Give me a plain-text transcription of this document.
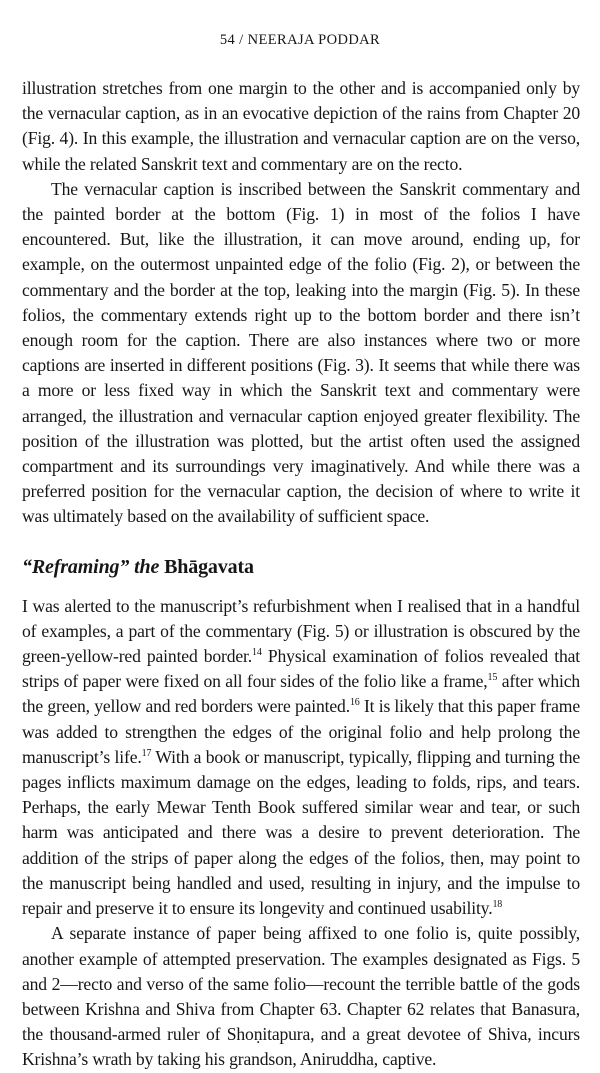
54 / NEERAJA PODDAR

illustration stretches from one margin to the other and is accompanied only by the vernacular caption, as in an evocative depiction of the rains from Chapter 20 (Fig. 4). In this example, the illustration and vernacular caption are on the verso, while the related Sanskrit text and commentary are on the recto.

The vernacular caption is inscribed between the Sanskrit commentary and the painted border at the bottom (Fig. 1) in most of the folios I have encountered. But, like the illustration, it can move around, ending up, for example, on the outermost unpainted edge of the folio (Fig. 2), or between the commentary and the border at the top, leaking into the margin (Fig. 5). In these folios, the commentary extends right up to the bottom border and there isn’t enough room for the caption. There are also instances where two or more captions are inserted in different positions (Fig. 3). It seems that while there was a more or less fixed way in which the Sanskrit text and commentary were arranged, the illustration and vernacular caption enjoyed greater flexibility. The position of the illustration was plotted, but the artist often used the assigned compartment and its surroundings very imaginatively. And while there was a preferred position for the vernacular caption, the decision of where to write it was ultimately based on the availability of sufficient space.

“Reframing” the Bhāgavata

I was alerted to the manuscript’s refurbishment when I realised that in a handful of examples, a part of the commentary (Fig. 5) or illustration is obscured by the green-yellow-red painted border.$^{14}$ Physical examination of folios revealed that strips of paper were fixed on all four sides of the folio like a frame,$^{15}$ after which the green, yellow and red borders were painted.$^{16}$ It is likely that this paper frame was added to strengthen the edges of the original folio and help prolong the manuscript’s life.$^{17}$ With a book or manuscript, typically, flipping and turning the pages inflicts maximum damage on the edges, leading to folds, rips, and tears. Perhaps, the early Mewar Tenth Book suffered similar wear and tear, or such harm was anticipated and there was a desire to prevent deterioration. The addition of the strips of paper along the edges of the folios, then, may point to the manuscript being handled and used, resulting in injury, and the impulse to repair and preserve it to ensure its longevity and continued usability.$^{18}$

A separate instance of paper being affixed to one folio is, quite possibly, another example of attempted preservation. The examples designated as Figs. 5 and 2—recto and verso of the same folio—recount the terrible battle of the gods between Krishna and Shiva from Chapter 63. Chapter 62 relates that Banasura, the thousand-armed ruler of Shoṇitapura, and a great devotee of Shiva, incurs Krishna’s wrath by taking his grandson, Aniruddha, captive.
